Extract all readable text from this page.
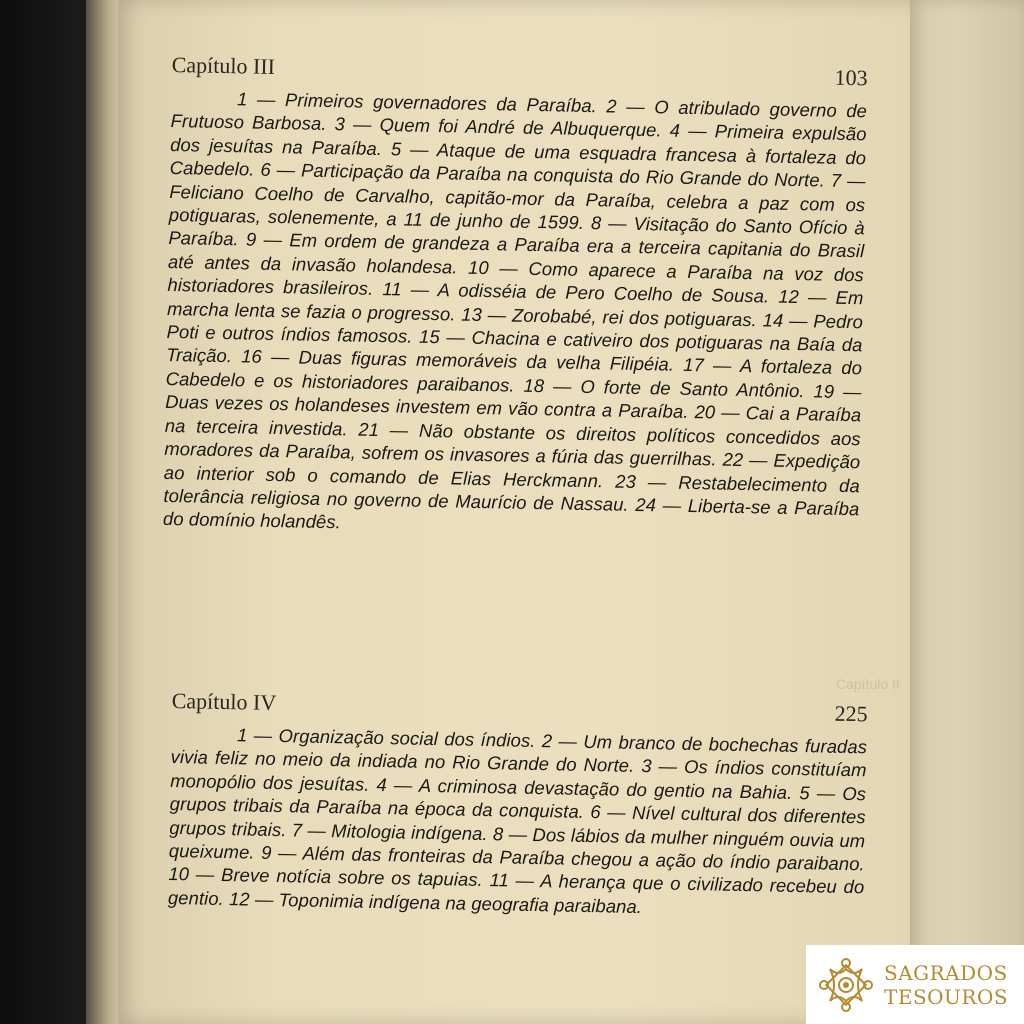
Capítulo II
Capítulo III	103
1 — Primeiros governadores da Paraíba. 2 — O atribulado governo de Frutuoso Barbosa. 3 — Quem foi André de Albuquerque. 4 — Primeira expulsão dos jesuítas na Paraíba. 5 — Ataque de uma esquadra francesa à fortaleza do Cabedelo. 6 — Participação da Paraíba na conquista do Rio Grande do Norte. 7 — Feliciano Coelho de Carvalho, capitão-mor da Paraíba, celebra a paz com os potiguaras, solenemente, a 11 de junho de 1599. 8 — Visitação do Santo Ofício à Paraíba. 9 — Em ordem de grandeza a Paraíba era a terceira capitania do Brasil até antes da invasão holandesa. 10 — Como aparece a Paraíba na voz dos historiadores brasileiros. 11 — A odisséia de Pero Coelho de Sousa. 12 — Em marcha lenta se fazia o progresso. 13 — Zorobabé, rei dos potiguaras. 14 — Pedro Poti e outros índios famosos. 15 — Chacina e cativeiro dos potiguaras na Baía da Traição. 16 — Duas figuras memoráveis da velha Filipéia. 17 — A fortaleza do Cabedelo e os historiadores paraibanos. 18 — O forte de Santo Antônio. 19 — Duas vezes os holandeses investem em vão contra a Paraíba. 20 — Cai a Paraíba na terceira investida. 21 — Não obstante os direitos políticos concedidos aos moradores da Paraíba, sofrem os invasores a fúria das guerrilhas. 22 — Expedição ao interior sob o comando de Elias Herckmann. 23 — Restabelecimento da tolerância religiosa no governo de Maurício de Nassau. 24 — Liberta-se a Paraíba do domínio holandês.
Capítulo IV	225
1 — Organização social dos índios. 2 — Um branco de bochechas furadas vivia feliz no meio da indiada no Rio Grande do Norte. 3 — Os índios constituíam monopólio dos jesuítas. 4 — A criminosa devastação do gentio na Bahia. 5 — Os grupos tribais da Paraíba na época da conquista. 6 — Nível cultural dos diferentes grupos tribais. 7 — Mitologia indígena. 8 — Dos lábios da mulher ninguém ouvia um queixume. 9 — Além das fronteiras da Paraíba chegou a ação do índio paraibano. 10 — Breve notícia sobre os tapuias. 11 — A herança que o civilizado recebeu do gentio. 12 — Toponimia indígena na geografia paraibana.
SAGRADOS
TESOUROS
